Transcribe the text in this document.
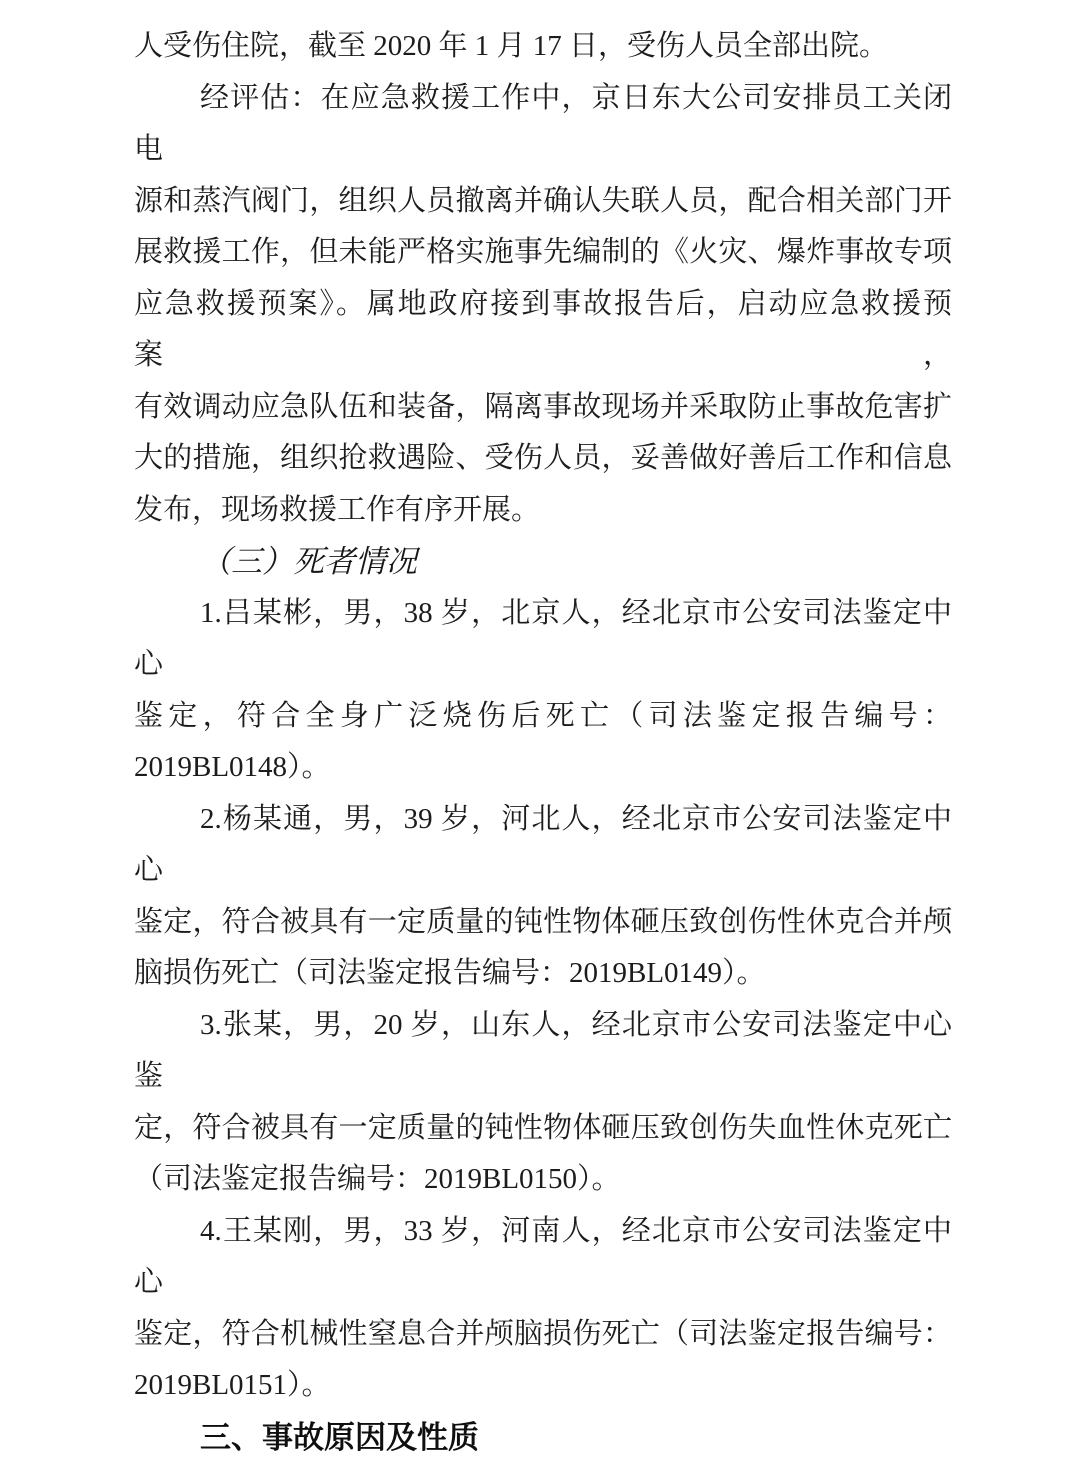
人受伤住院，截至 2020 年 1 月 17 日，受伤人员全部出院。
经评估：在应急救援工作中，京日东大公司安排员工关闭电
源和蒸汽阀门，组织人员撤离并确认失联人员，配合相关部门开
展救援工作，但未能严格实施事先编制的《火灾、爆炸事故专项
应急救援预案》。属地政府接到事故报告后，启动应急救援预案，
有效调动应急队伍和装备，隔离事故现场并采取防止事故危害扩
大的措施，组织抢救遇险、受伤人员，妥善做好善后工作和信息
发布，现场救援工作有序开展。
（三）死者情况
1.吕某彬，男，38 岁，北京人，经北京市公安司法鉴定中心
鉴定，符合全身广泛烧伤后死亡（司法鉴定报告编号：
2019BL0148）。
2.杨某通，男，39 岁，河北人，经北京市公安司法鉴定中心
鉴定，符合被具有一定质量的钝性物体砸压致创伤性休克合并颅
脑损伤死亡（司法鉴定报告编号：2019BL0149）。
3.张某，男，20 岁，山东人，经北京市公安司法鉴定中心鉴
定，符合被具有一定质量的钝性物体砸压致创伤失血性休克死亡
（司法鉴定报告编号：2019BL0150）。
4.王某刚，男，33 岁，河南人，经北京市公安司法鉴定中心
鉴定，符合机械性窒息合并颅脑损伤死亡（司法鉴定报告编号：
2019BL0151）。
三、事故原因及性质
